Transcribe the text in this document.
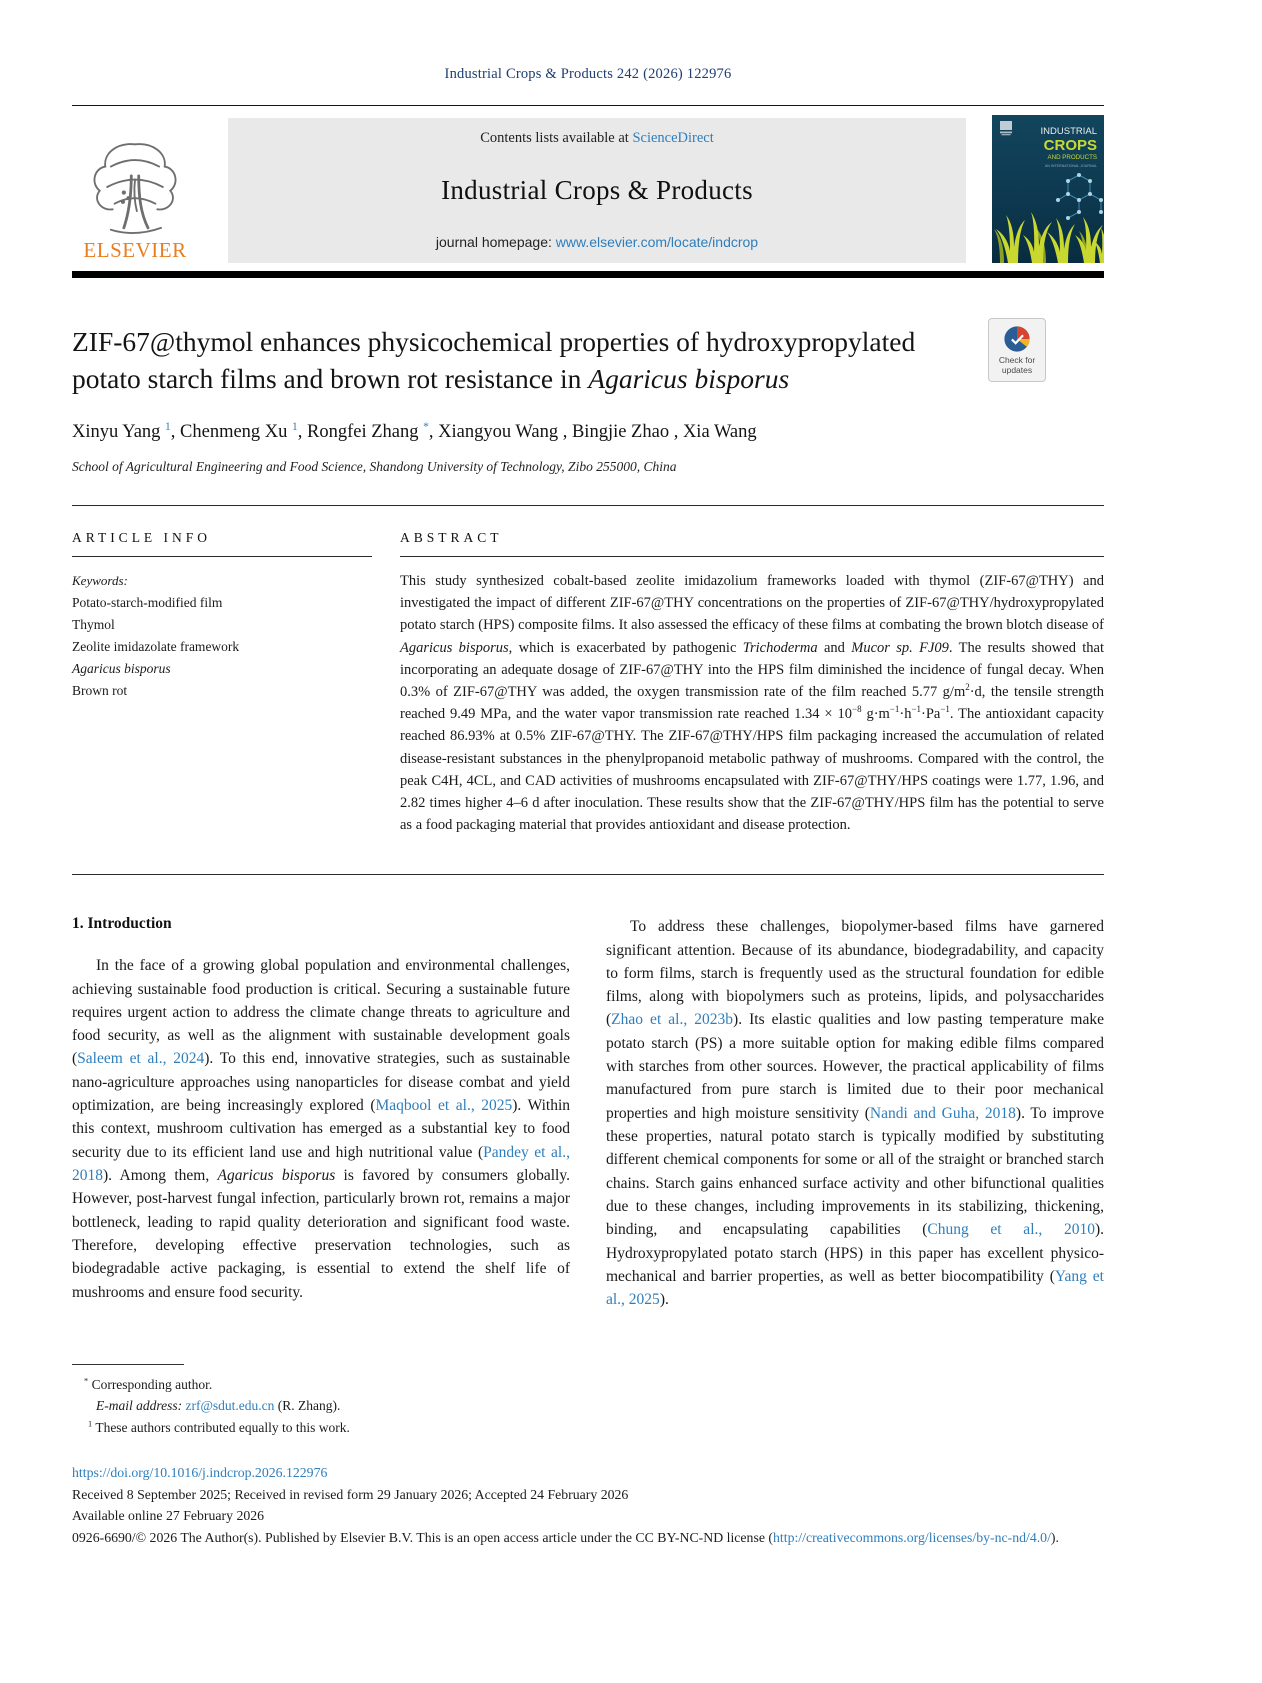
Industrial Crops & Products 242 (2026) 122976
ELSEVIER
Contents lists available at ScienceDirect
Industrial Crops & Products
journal homepage: www.elsevier.com/locate/indcrop
INDUSTRIAL
CROPS
AND PRODUCTS
AN INTERNATIONAL JOURNAL
ZIF-67@thymol enhances physicochemical properties of hydroxypropylated potato starch films and brown rot resistance in Agaricus bisporus
Check for
updates
Xinyu Yang $^1$, Chenmeng Xu $^1$, Rongfei Zhang *, Xiangyou Wang , Bingjie Zhao , Xia Wang
School of Agricultural Engineering and Food Science, Shandong University of Technology, Zibo 255000, China
ARTICLE INFO
Keywords:
Potato-starch-modified film
Thymol
Zeolite imidazolate framework
Agaricus bisporus
Brown rot
ABSTRACT
This study synthesized cobalt-based zeolite imidazolium frameworks loaded with thymol (ZIF-67@THY) and investigated the impact of different ZIF-67@THY concentrations on the properties of ZIF-67@THY/hydroxypropylated potato starch (HPS) composite films. It also assessed the efficacy of these films at combating the brown blotch disease of Agaricus bisporus, which is exacerbated by pathogenic Trichoderma and Mucor sp. FJ09. The results showed that incorporating an adequate dosage of ZIF-67@THY into the HPS film diminished the incidence of fungal decay. When 0.3% of ZIF-67@THY was added, the oxygen transmission rate of the film reached 5.77 $g/m^2\cdot d$, the tensile strength reached 9.49 MPa, and the water vapor transmission rate reached $1.34 \times 10^{-8}$ $g\cdot m^{-1}\cdot h^{-1}\cdot Pa^{-1}$. The antioxidant capacity reached 86.93% at 0.5% ZIF-67@THY. The ZIF-67@THY/HPS film packaging increased the accumulation of related disease-resistant substances in the phenylpropanoid metabolic pathway of mushrooms. Compared with the control, the peak C4H, 4CL, and CAD activities of mushrooms encapsulated with ZIF-67@THY/HPS coatings were 1.77, 1.96, and 2.82 times higher 4–6 d after inoculation. These results show that the ZIF-67@THY/HPS film has the potential to serve as a food packaging material that provides antioxidant and disease protection.
1. Introduction
In the face of a growing global population and environmental challenges, achieving sustainable food production is critical. Securing a sustainable future requires urgent action to address the climate change threats to agriculture and food security, as well as the alignment with sustainable development goals (Saleem et al., 2024). To this end, innovative strategies, such as sustainable nano-agriculture approaches using nanoparticles for disease combat and yield optimization, are being increasingly explored (Maqbool et al., 2025). Within this context, mushroom cultivation has emerged as a substantial key to food security due to its efficient land use and high nutritional value (Pandey et al., 2018). Among them, Agaricus bisporus is favored by consumers globally. However, post-harvest fungal infection, particularly brown rot, remains a major bottleneck, leading to rapid quality deterioration and significant food waste. Therefore, developing effective preservation technologies, such as biodegradable active packaging, is essential to extend the shelf life of mushrooms and ensure food security.
To address these challenges, biopolymer-based films have garnered significant attention. Because of its abundance, biodegradability, and capacity to form films, starch is frequently used as the structural foundation for edible films, along with biopolymers such as proteins, lipids, and polysaccharides (Zhao et al., 2023b). Its elastic qualities and low pasting temperature make potato starch (PS) a more suitable option for making edible films compared with starches from other sources. However, the practical applicability of films manufactured from pure starch is limited due to their poor mechanical properties and high moisture sensitivity (Nandi and Guha, 2018). To improve these properties, natural potato starch is typically modified by substituting different chemical components for some or all of the straight or branched starch chains. Starch gains enhanced surface activity and other bifunctional qualities due to these changes, including improvements in its stabilizing, thickening, binding, and encapsulating capabilities (Chung et al., 2010). Hydroxypropylated potato starch (HPS) in this paper has excellent physico-mechanical and barrier properties, as well as better biocompatibility (Yang et al., 2025).
* Corresponding author.
E-mail address: zrf@sdut.edu.cn (R. Zhang).
$^1$ These authors contributed equally to this work.
https://doi.org/10.1016/j.indcrop.2026.122976
Received 8 September 2025; Received in revised form 29 January 2026; Accepted 24 February 2026
Available online 27 February 2026
0926-6690/© 2026 The Author(s). Published by Elsevier B.V. This is an open access article under the CC BY-NC-ND license (http://creativecommons.org/licenses/by-nc-nd/4.0/).
